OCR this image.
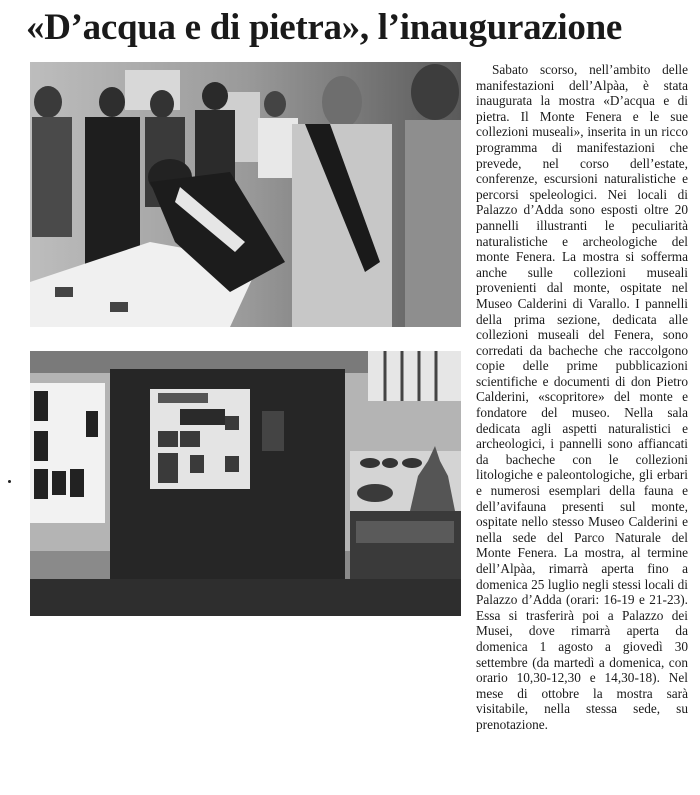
«D’acqua e di pietra», l’inaugurazione

Sabato scorso, nell’ambito delle manifestazioni dell’Alpàa, è stata inaugurata la mostra «D’acqua e di pietra. Il Monte Fenera e le sue collezioni museali», inserita in un ricco programma di manifestazioni che prevede, nel corso dell’estate, conferenze, escursioni naturalistiche e percorsi speleologici. Nei locali di Palazzo d’Adda sono esposti oltre 20 pannelli illustranti le peculiarità naturalistiche e archeologiche del monte Fenera. La mostra si sofferma anche sulle collezioni museali provenienti dal monte, ospitate nel Museo Calderini di Varallo. I pannelli della prima sezione, dedicata alle collezioni museali del Fenera, sono corredati da bacheche che raccolgono copie delle prime pubblicazioni scientifiche e documenti di don Pietro Calderini, «scopritore» del monte e fondatore del museo. Nella sala dedicata agli aspetti naturalistici e archeologici, i pannelli sono affiancati da bacheche con le collezioni litologiche e paleontologiche, gli erbari e numerosi esemplari della fauna e dell’avifauna presenti sul monte, ospitate nello stesso Museo Calderini e nella sede del Parco Naturale del Monte Fenera. La mostra, al termine dell’Alpàa, rimarrà aperta fino a domenica 25 luglio negli stessi locali di Palazzo d’Adda (orari: 16-19 e 21-23). Essa si trasferirà poi a Palazzo dei Musei, dove rimarrà aperta da domenica 1 agosto a giovedì 30 settembre (da martedì a domenica, con orario 10,30-12,30 e 14,30-18). Nel mese di ottobre la mostra sarà visitabile, nella stessa sede, su prenotazione.
